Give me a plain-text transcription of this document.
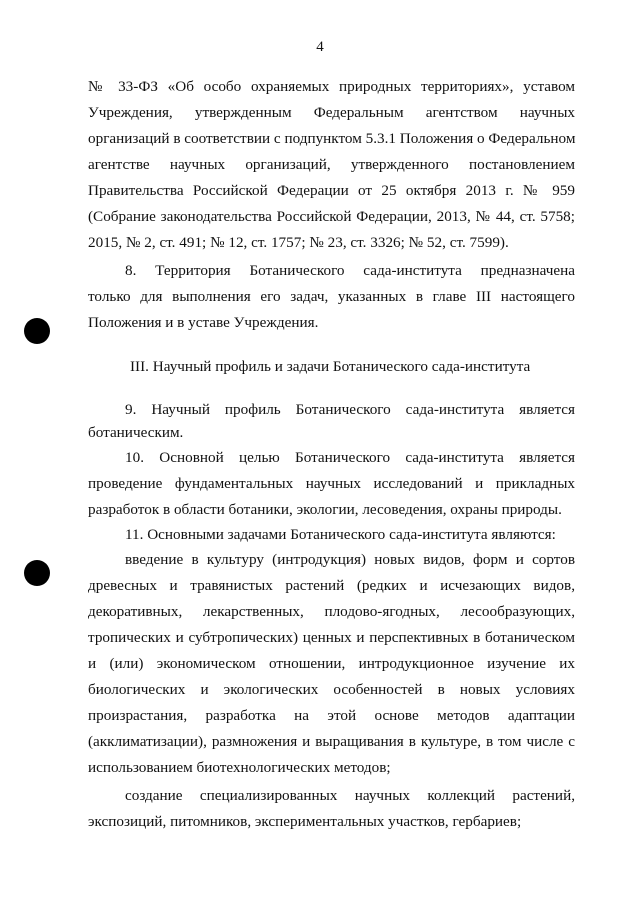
4
№ 33-ФЗ «Об особо охраняемых природных территориях», уставом
Учреждения, утвержденным Федеральным агентством научных
организаций в соответствии с подпунктом 5.3.1 Положения о Федеральном
агентстве научных организаций, утвержденного постановлением
Правительства Российской Федерации от 25 октября 2013 г. № 959
(Собрание законодательства Российской Федерации, 2013, № 44, ст. 5758;
2015, № 2, ст. 491; № 12, ст. 1757; № 23, ст. 3326; № 52, ст. 7599).
8. Территория Ботанического сада-института предназначена
только для выполнения его задач, указанных в главе III настоящего
Положения и в уставе Учреждения.
III. Научный профиль и задачи Ботанического сада-института
9. Научный профиль Ботанического сада-института является
ботаническим.
10. Основной целью Ботанического сада-института является
проведение фундаментальных научных исследований и прикладных
разработок в области ботаники, экологии, лесоведения, охраны природы.
11. Основными задачами Ботанического сада-института являются:
введение в культуру (интродукция) новых видов, форм и сортов
древесных и травянистых растений (редких и исчезающих видов,
декоративных, лекарственных, плодово-ягодных, лесообразующих,
тропических и субтропических) ценных и перспективных в ботаническом
и (или) экономическом отношении, интродукционное изучение их
биологических и экологических особенностей в новых условиях
произрастания, разработка на этой основе методов адаптации
(акклиматизации), размножения и выращивания в культуре, в том числе с
использованием биотехнологических методов;
создание специализированных научных коллекций растений,
экспозиций, питомников, экспериментальных участков, гербариев;
